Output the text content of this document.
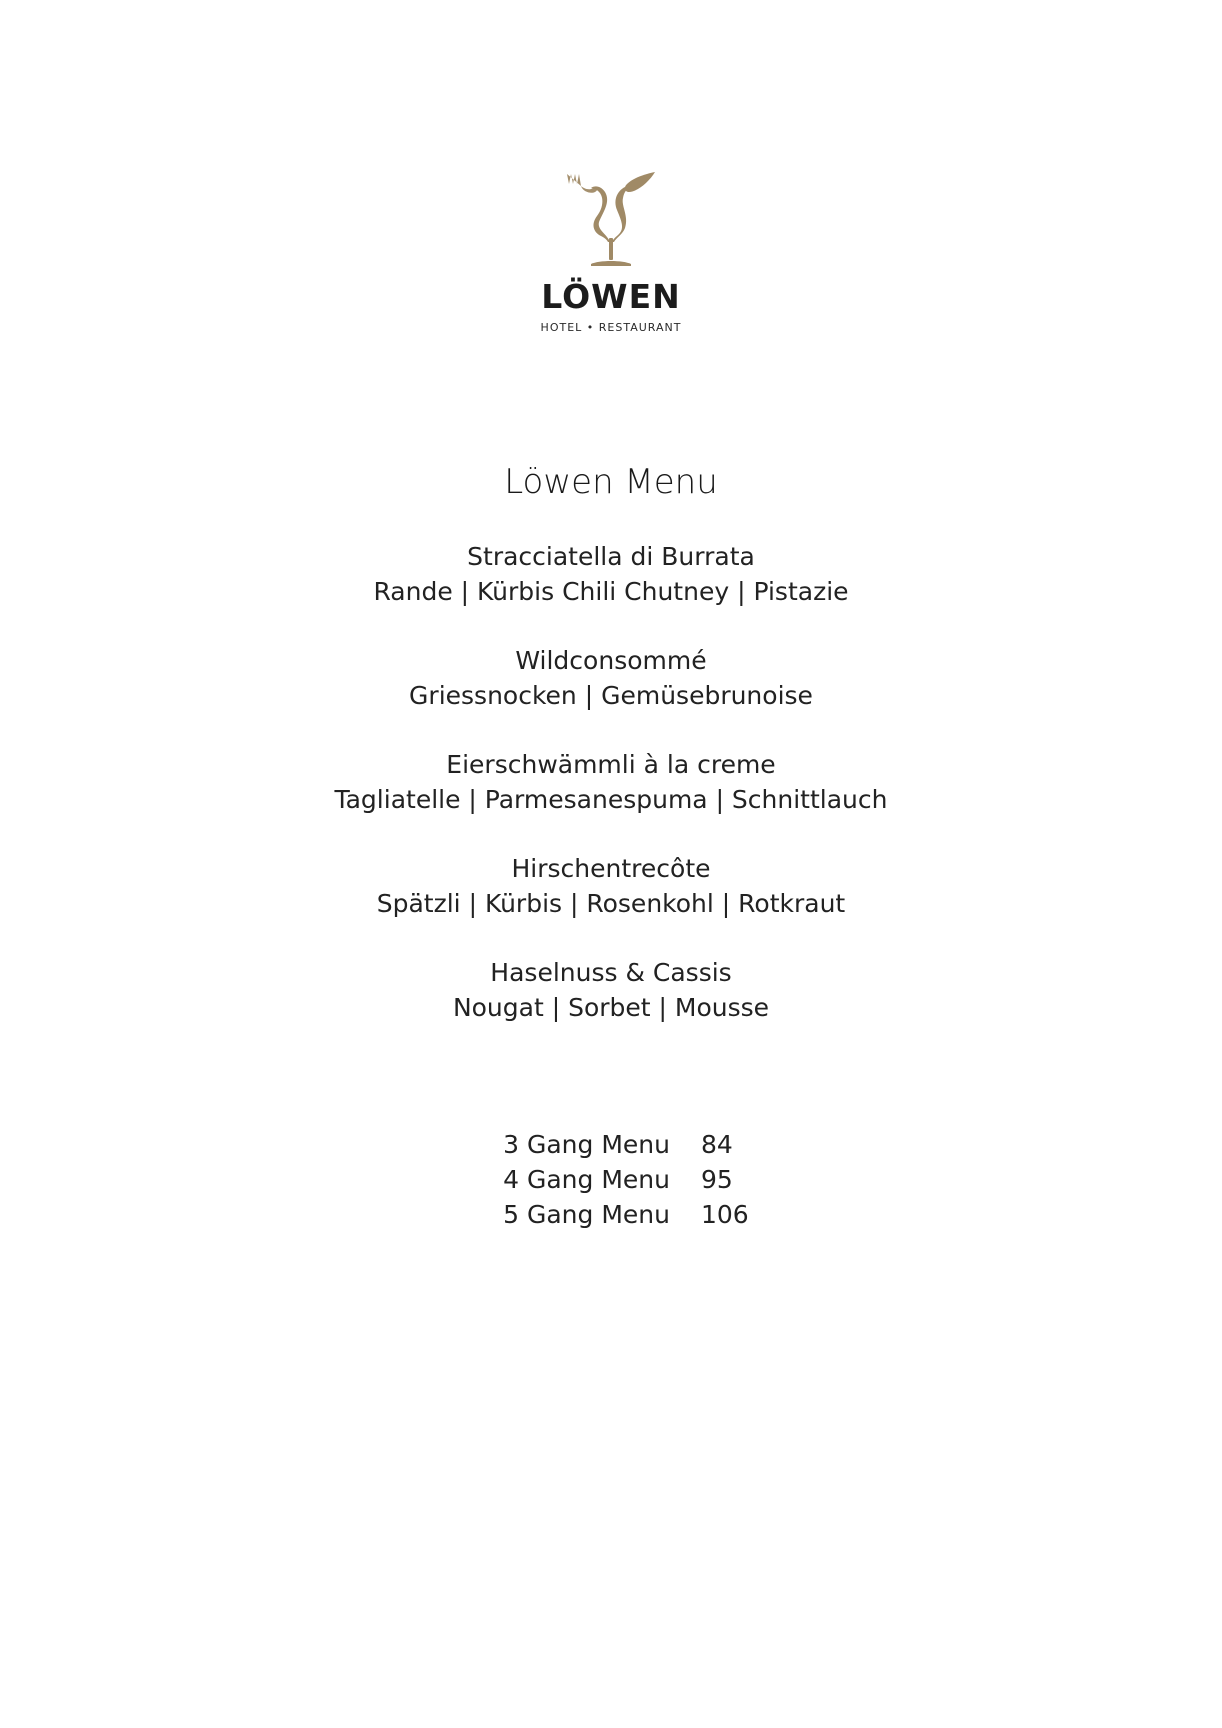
LÖWEN
HOTEL • RESTAURANT
Löwen Menu
Stracciatella di Burrata
Rande | Kürbis Chili Chutney | Pistazie
Wildconsommé
Griessnocken | Gemüsebrunoise
Eierschwämmli à la creme
Tagliatelle | Parmesanespuma | Schnittlauch
Hirschentrecôte
Spätzli | Kürbis | Rosenkohl | Rotkraut
Haselnuss & Cassis
Nougat | Sorbet | Mousse
3 Gang Menu 84
4 Gang Menu 95
5 Gang Menu 106
